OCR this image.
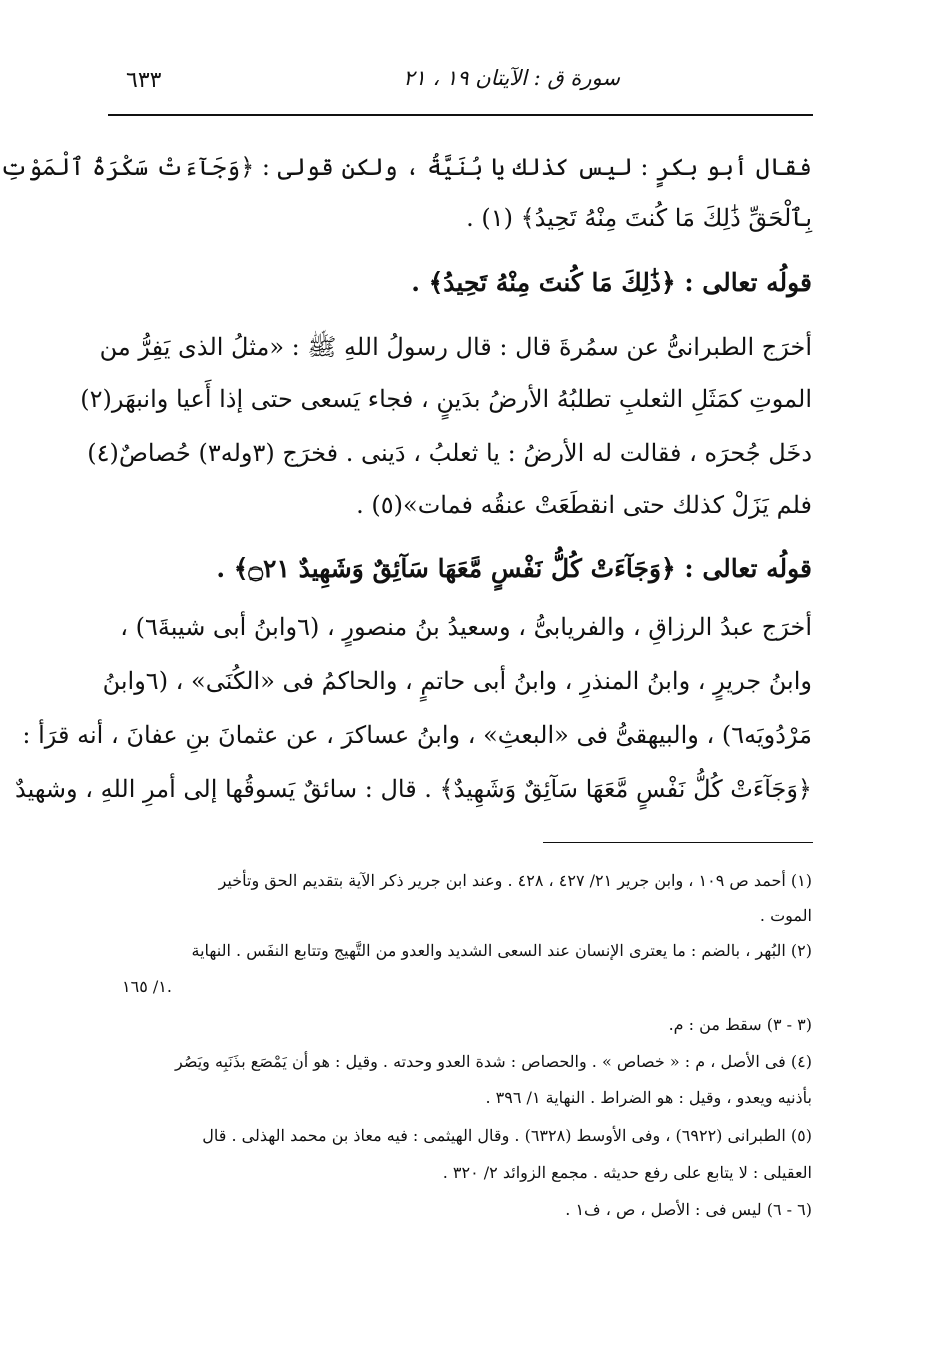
٦٣٣	سورة ق : الآيتان ١٩ ، ٢١
فقال أبو بكرٍ : ليس كذلك يا بُنَيَّةُ ، ولكن قولى : ﴿وَجَآءَتْ سَكْرَةُ ٱلْمَوْتِ
بِٱلْحَقِّ ذَٰلِكَ مَا كُنتَ مِنْهُ تَحِيدُ﴾ (١) .
قولُه تعالى : ﴿ذَٰلِكَ مَا كُنتَ مِنْهُ تَحِيدُ﴾ .
أخرَج الطبرانىُّ عن سمُرةَ قال : قال رسولُ اللهِ ﷺ : «مثلُ الذى يَفِرُّ من
الموتِ كمَثَلِ الثعلبِ تطلبُهُ الأرضُ بدَينٍ ، فجاء يَسعى حتى إذا أَعيا وانبهَر(٢)
دخَل جُحرَه ، فقالت له الأرضُ : يا ثعلبُ ، دَينى . فخرَج (٣وله٣) حُصاصٌ(٤)
فلم يَزَلْ كذلك حتى انقطَعَتْ عنقُه فمات»(٥) .
قولُه تعالى : ﴿وَجَآءَتْ كُلُّ نَفْسٍ مَّعَهَا سَآئِقٌ وَشَهِيدٌ ۝٢١﴾ .
أخرَج عبدُ الرزاقِ ، والفريابىُّ ، وسعيدُ بنُ منصورٍ ، (٦وابنُ أبى شيبةَ٦) ،
وابنُ جريرٍ ، وابنُ المنذرِ ، وابنُ أبى حاتمٍ ، والحاكمُ فى «الكُنَى» ، (٦وابنُ
مَرْدُويَه٦) ، والبيهقىُّ فى «البعثِ» ، وابنُ عساكرَ ، عن عثمانَ بنِ عفانَ ، أنه قرَأ :
﴿وَجَآءَتْ كُلُّ نَفْسٍ مَّعَهَا سَآئِقٌ وَشَهِيدٌ﴾ . قال : سائقٌ يَسوقُها إلى أمرِ اللهِ ، وشهيدٌ
(١) أحمد ص ١٠٩ ، وابن جرير ٢١/ ٤٢٧ ، ٤٢٨ . وعند ابن جرير ذكر الآية بتقديم الحق وتأخير
الموت .
(٢) البُهر ، بالضم : ما يعترى الإنسان عند السعى الشديد والعدو من التَّهيج وتتابع النفَس . النهاية
١/ ١٦٥.
(٣ - ٣) سقط من : م.
(٤) فى الأصل ، م : « خصاص » . والحصاص : شدة العدو وحدته . وقيل : هو أن يَمْصَع بذَنَبِه ويَصُر
بأذنيه ويعدو ، وقيل : هو الضراط . النهاية ١/ ٣٩٦ .
(٥) الطبرانى (٦٩٢٢) ، وفى الأوسط (٦٣٢٨) . وقال الهيثمى : فيه معاذ بن محمد الهذلى . قال
العقيلى : لا يتابع على رفع حديثه . مجمع الزوائد ٢/ ٣٢٠ .
(٦ - ٦) ليس فى : الأصل ، ص ، ف١ .
